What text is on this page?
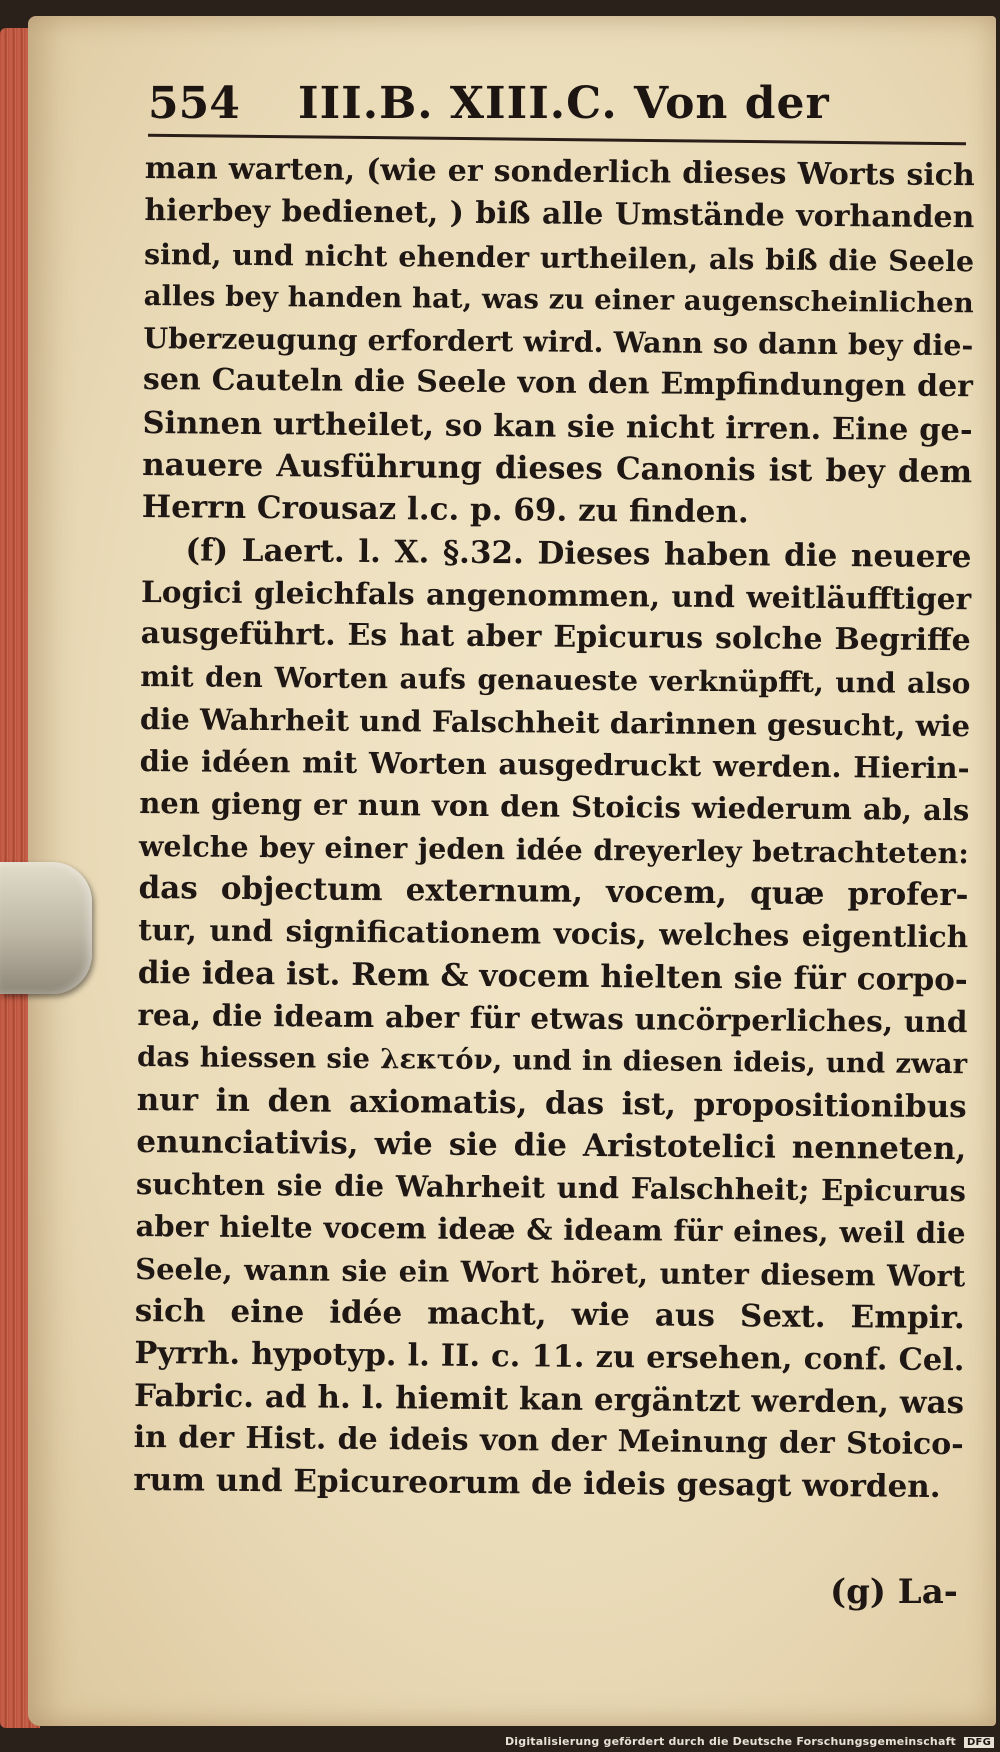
554 III.B. XIII.C. Von der
man warten, (wie er sonderlich dieses Worts sich
hierbey bedienet, ) biß alle Umstände vorhanden
sind, und nicht ehender urtheilen, als biß die Seele
alles bey handen hat, was zu einer augenscheinlichen
Uberzeugung erfordert wird. Wann so dann bey die-
sen Cauteln die Seele von den Empfindungen der
Sinnen urtheilet, so kan sie nicht irren. Eine ge-
nauere Ausführung dieses Canonis ist bey dem
Herrn Crousaz l.c. p. 69. zu finden.
(f) Laert. l. X. §.32. Dieses haben die neuere
Logici gleichfals angenommen, und weitläufftiger
ausgeführt. Es hat aber Epicurus solche Begriffe
mit den Worten aufs genaueste verknüpfft, und also
die Wahrheit und Falschheit darinnen gesucht, wie
die idéen mit Worten ausgedruckt werden. Hierin-
nen gieng er nun von den Stoicis wiederum ab, als
welche bey einer jeden idée dreyerley betrachteten:
das objectum externum, vocem, quæ profer-
tur, und significationem vocis, welches eigentlich
die idea ist. Rem & vocem hielten sie für corpo-
rea, die ideam aber für etwas uncörperliches, und
das hiessen sie λεκτόν, und in diesen ideis, und zwar
nur in den axiomatis, das ist, propositionibus
enunciativis, wie sie die Aristotelici nenneten,
suchten sie die Wahrheit und Falschheit; Epicurus
aber hielte vocem ideæ & ideam für eines, weil die
Seele, wann sie ein Wort höret, unter diesem Wort
sich eine idée macht, wie aus Sext. Empir.
Pyrrh. hypotyp. l. II. c. 11. zu ersehen, conf. Cel.
Fabric. ad h. l. hiemit kan ergäntzt werden, was
in der Hist. de ideis von der Meinung der Stoico-
rum und Epicureorum de ideis gesagt worden.
(g) La-
Digitalisierung gefördert durch die Deutsche Forschungsgemeinschaft DFG
